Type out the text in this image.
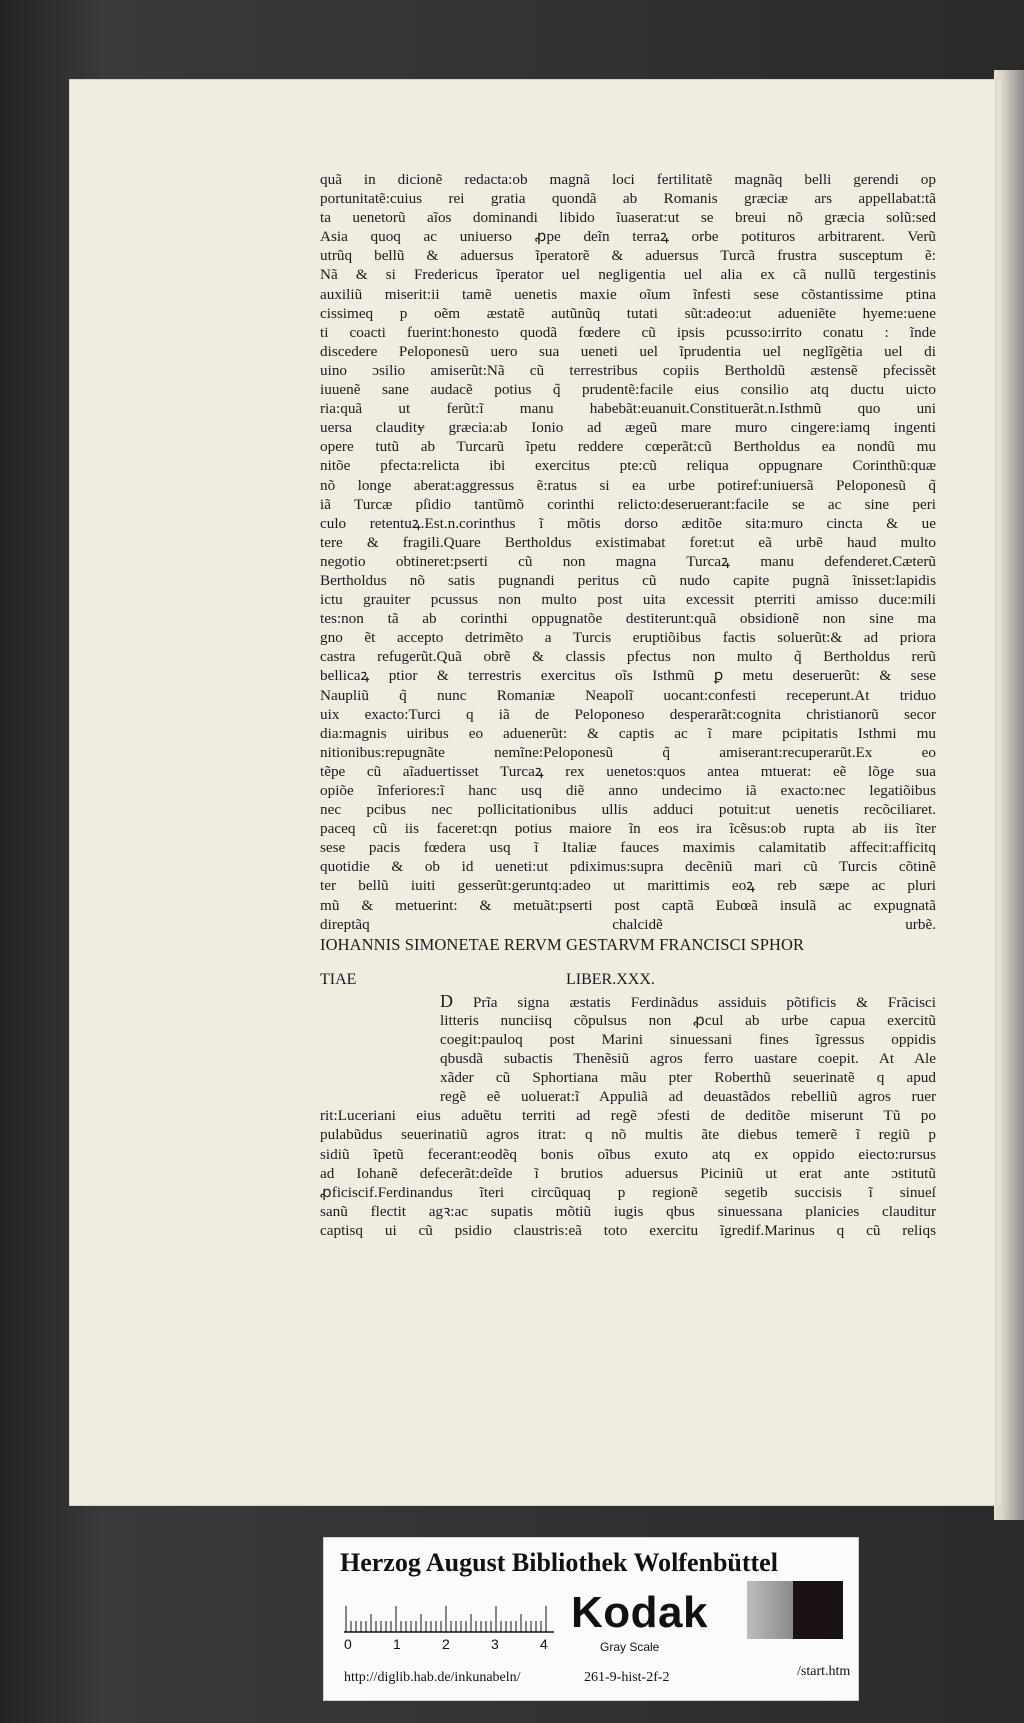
quã in dicionẽ redacta:ob magnã loci fertilitatẽ magnãq belli gerendi op
portunitatẽ:cuius rei gratia quondã ab Romanis græciæ ars appellabat:tã
ta uenetorũ aĩos dominandi libido ĩuaserat:ut se breui nõ græcia solũ:sed
Asia quoq ac uniuerso ꝓpe deĩn terraꝝ orbe potituros arbitrarent. Verũ
utrũq bellũ & aduersus ĩperatorẽ & aduersus Turcã frustra susceptum ẽ:
Nã & si Fredericus ĩperator uel negligentia uel alia ex cã nullũ tergestinis
auxiliũ miserit:ii tamẽ uenetis maxie oĩum ĩnfesti sese cõstantissime ptina
cissimeq p oẽm æstatẽ autũnũq tutati sũt:adeo:ut adueniẽte hyeme:uene
ti coacti fuerint:honesto quodã fœdere cũ ipsis pcusso:irrito conatu : ĩnde
discedere Peloponesũ uero sua ueneti uel ĩprudentia uel neglĩgẽtia uel di
uino ɔsilio amiserũt:Nã cũ terrestribus copiis Bertholdũ æstensẽ pfecissẽt
iuuenẽ sane audacẽ potius q̃ prudentẽ:facile eius consilio atq ductu uicto
ria:quã ut ferũt:ĩ manu habebãt:euanuit.Constituerãt.n.Isthmũ quo uni
uersa clauditɏ græcia:ab Ionio ad ægeũ mare muro cingere:iamq ingenti
opere tutũ ab Turcarũ ĩpetu reddere cœperãt:cũ Bertholdus ea nondũ mu
nitõe pfecta:relicta ibi exercitus pte:cũ reliqua oppugnare Corinthũ:quæ
nõ longe aberat:aggressus ẽ:ratus si ea urbe potiref:uniuersã Peloponesũ q̃
iã Turcæ pſidio tantũmõ corinthi relicto:deseruerant:facile se ac sine peri
culo retentuꝝ.Est.n.corinthus ĩ mõtis dorso æditõe sita:muro cincta & ue
tere & fragili.Quare Bertholdus existimabat foret:ut eã urbẽ haud multo
negotio obtineret:pserti cũ non magna Turcaꝝ manu defenderet.Cæterũ
Bertholdus nõ satis pugnandi peritus cũ nudo capite pugnã ĩnisset:lapidis
ictu grauiter pcussus non multo post uita excessit pterriti amisso duce:mili
tes:non tã ab corinthi oppugnatõe destiterunt:quã obsidionẽ non sine ma
gno ẽt accepto detrimẽto a Turcis eruptiõibus factis soluerũt:& ad priora
castra refugerũt.Quã obrẽ & classis pfectus non multo q̃ Bertholdus rerũ
bellicaꝝ ptior & terrestris exercitus oĩs Isthmũ ꝑ metu deseruerũt: & sese
Naupliũ q̃ nunc Romaniæ Neapolĩ uocant:confesti receperunt.At triduo
uix exacto:Turci q iã de Peloponeso desperarãt:cognita christianorũ secor
dia:magnis uiribus eo aduenerũt: & captis ac ĩ mare pcipitatis Isthmi mu
nitionibus:repugnãte nemĩne:Peloponesũ q̃ amiserant:recuperarũt.Ex eo
tẽpe cũ aĩaduertisset Turcaꝝ rex uenetos:quos antea mtuerat: eẽ lõge sua
opiõe ĩnferiores:ĩ hanc usq diẽ anno undecimo iã exacto:nec legatiõibus
nec pcibus nec pollicitationibus ullis adduci potuit:ut uenetis recõciliaret.
paceq cũ iis faceret:qn potius maiore ĩn eos ira ĩcẽsus:ob rupta ab iis ĩter
sese pacis fœdera usq ĩ Italiæ fauces maximis calamitatib affecit:afficitq
quotidie & ob id ueneti:ut pdiximus:supra decẽniũ mari cũ Turcis cõtinẽ
ter bellũ iuiti gesserũt:geruntq:adeo ut marittimis eoꝝ reb sæpe ac pluri
mũ & metuerint: & metuãt:pserti post captã Eubœã insulã ac expugnatã
direptãq chalcidẽ urbẽ.
IOHANNIS SIMONETAE RERVM GESTARVM FRANCISCI SPHOR
TIAE	LIBER.XXX.
D Prĩa signa æstatis Ferdinãdus assiduis põtificis & Frãcisci
litteris nunciisq cõpulsus non ꝓcul ab urbe capua exercitũ
coegit:pauloq post Marini sinuessani fines ĩgressus oppidis
qbusdã subactis Thenẽsiũ agros ferro uastare coepit. At Ale
xãder cũ Sphortiana mãu pter Roberthũ seuerinatẽ q apud
regẽ eẽ uoluerat:ĩ Appuliã ad deuastãdos rebelliũ agros ruer
rit:Luceriani eius aduẽtu territi ad regẽ ɔfesti de deditõe miserunt Tũ po
pulabũdus seuerinatiũ agros itrat: q nõ multis ãte diebus temerẽ ĩ regiũ p
sidiũ ĩpetũ fecerant:eodẽq bonis oĩbus exuto atq ex oppido eiecto:rursus
ad Iohanẽ defecerãt:deĩde ĩ brutios aduersus Piciniũ ut erat ante ɔstitutũ
ꝓficiscif.Ferdinandus ĩteri circũquaq p regionẽ segetib succisis ĩ sinueſ
sanũ flectit agꝛ:ac supatis mõtiũ iugis qbus sinuessana planicies clauditur
captisq ui cũ psidio claustris:eã toto exercitu ĩgredif.Marinus q cũ reliqs
Herzog August Bibliothek Wolfenbüttel
0	1	2	3	4
Kodak
Gray Scale
http://diglib.hab.de/inkunabeln/	261-9-hist-2f-2	/start.htm
